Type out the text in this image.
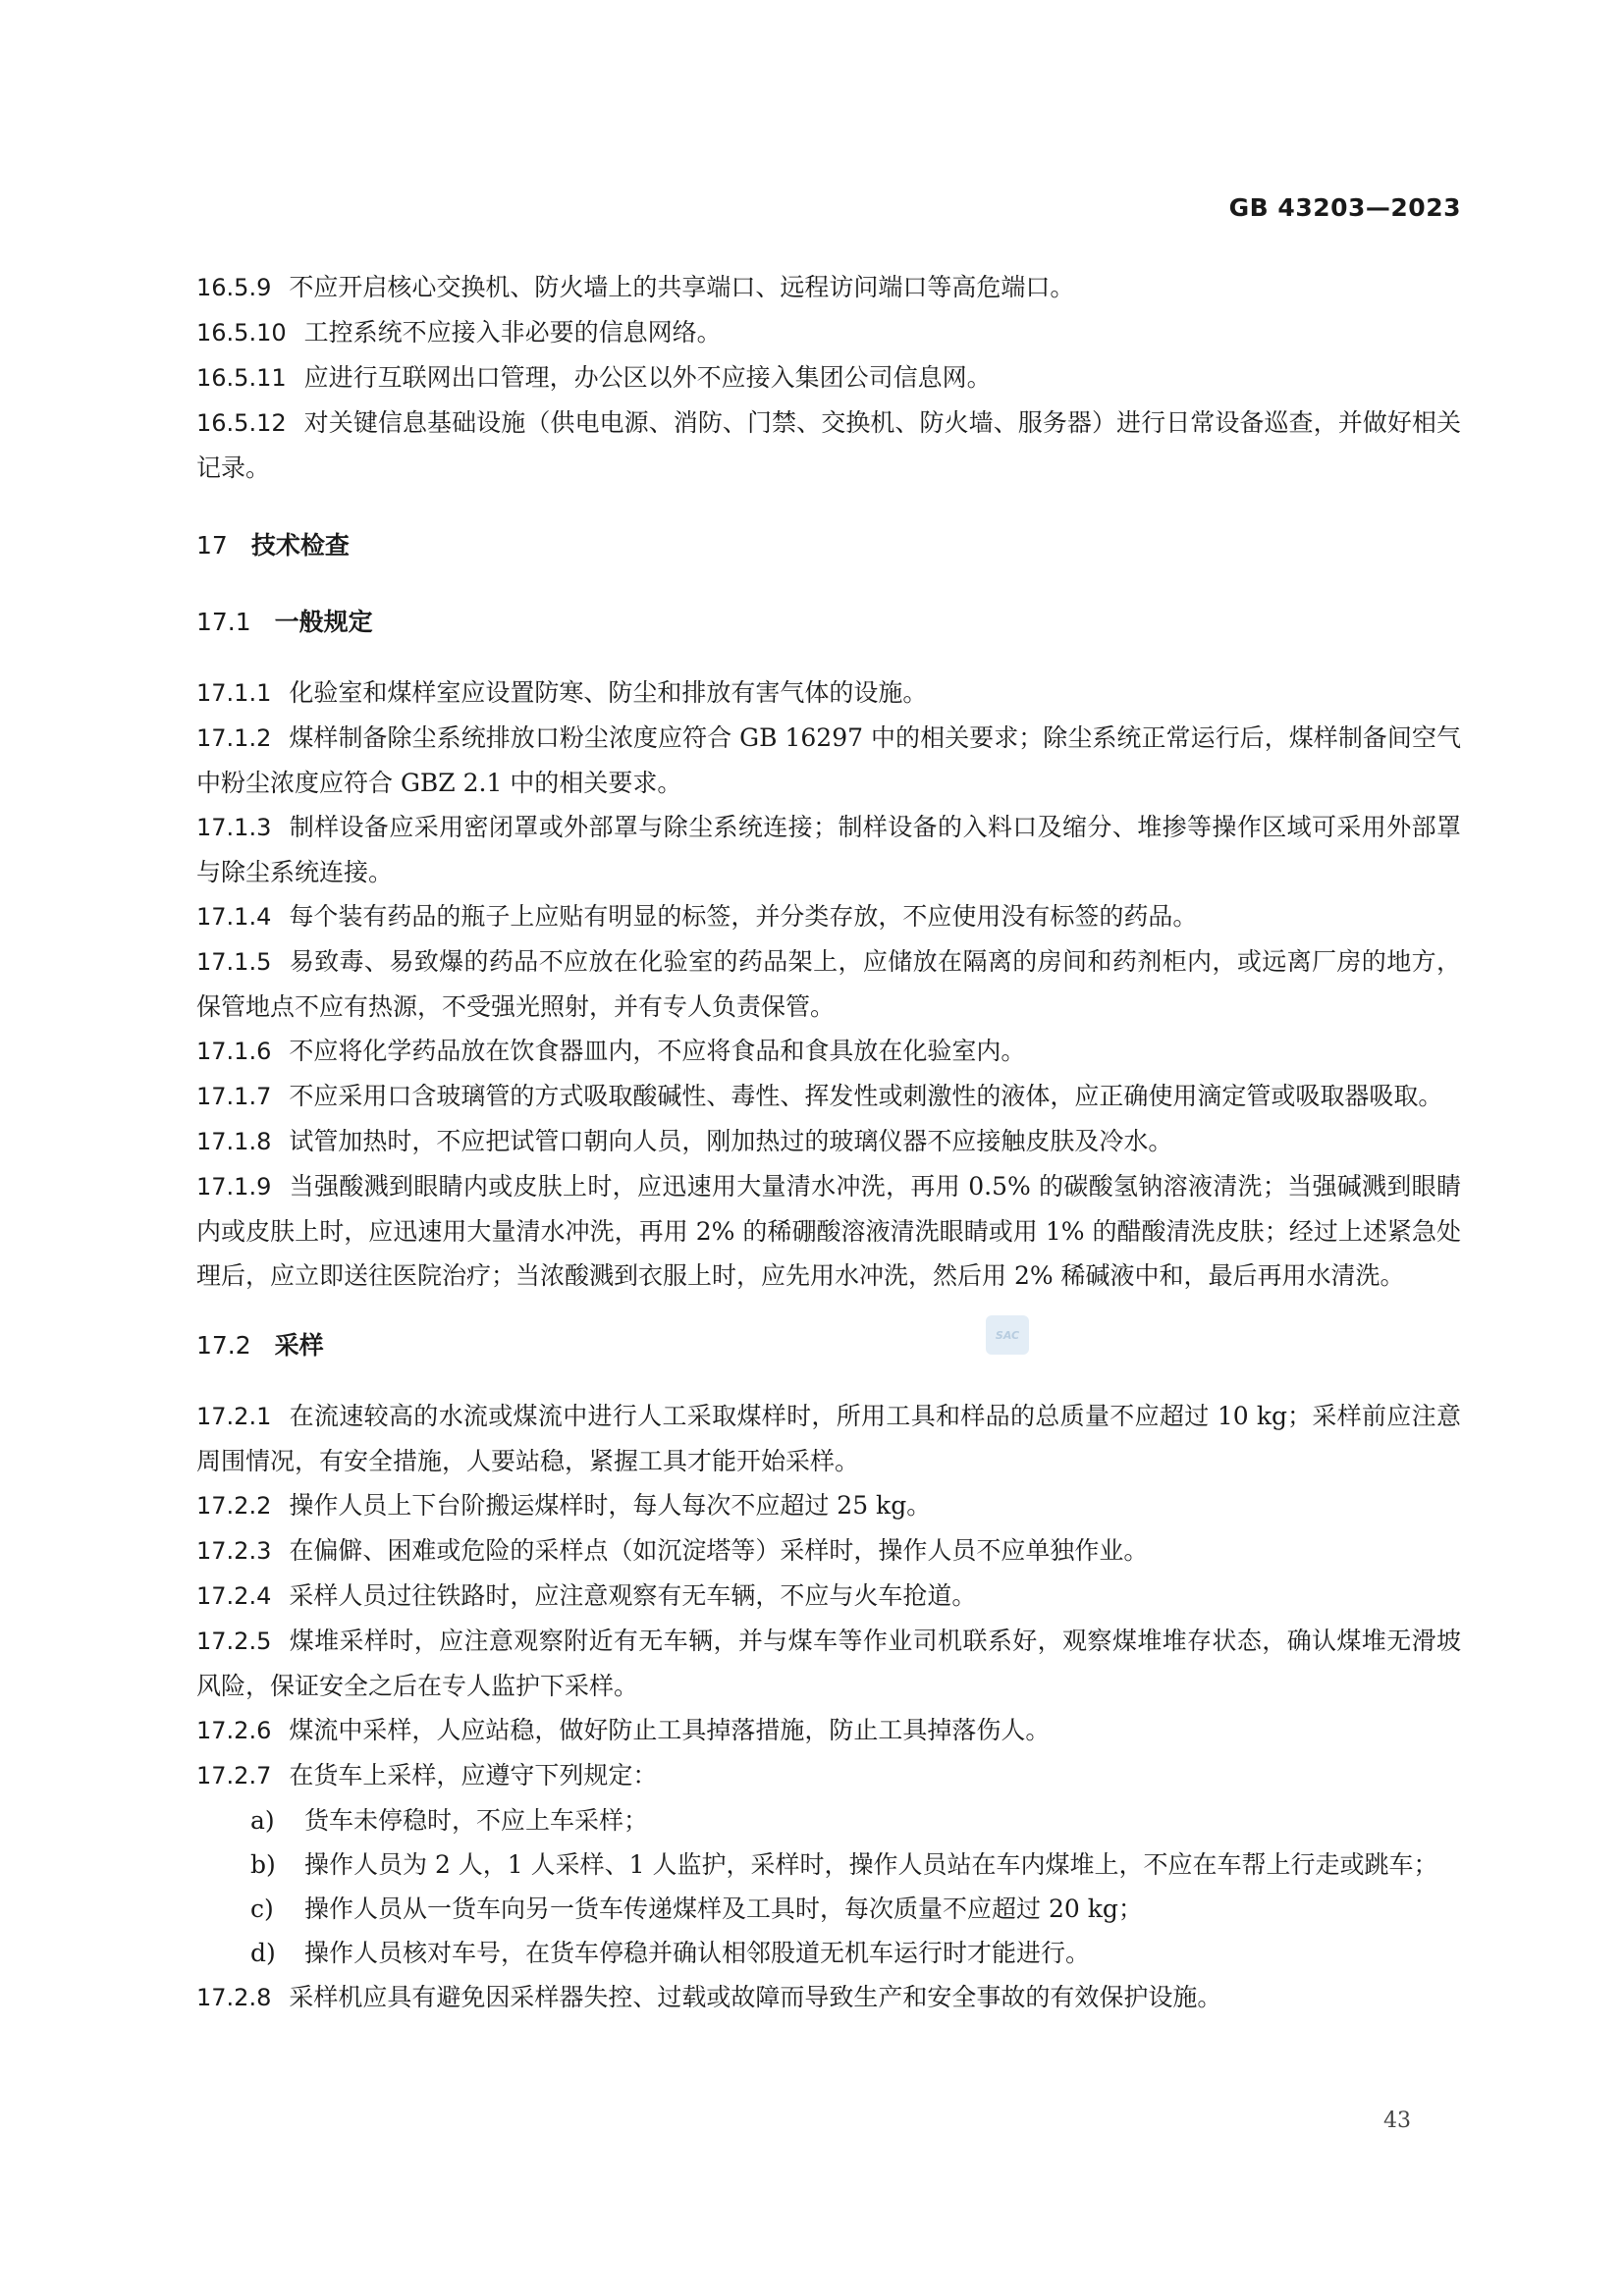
GB 43203—2023

16.5.9 不应开启核心交换机、防火墙上的共享端口、远程访问端口等高危端口。

16.5.10 工控系统不应接入非必要的信息网络。

16.5.11 应进行互联网出口管理，办公区以外不应接入集团公司信息网。

16.5.12 对关键信息基础设施（供电电源、消防、门禁、交换机、防火墙、服务器）进行日常设备巡查，并做好相关记录。

17 技术检查

17.1 一般规定

17.1.1 化验室和煤样室应设置防寒、防尘和排放有害气体的设施。

17.1.2 煤样制备除尘系统排放口粉尘浓度应符合 GB 16297 中的相关要求；除尘系统正常运行后，煤样制备间空气中粉尘浓度应符合 GBZ 2.1 中的相关要求。

17.1.3 制样设备应采用密闭罩或外部罩与除尘系统连接；制样设备的入料口及缩分、堆掺等操作区域可采用外部罩与除尘系统连接。

17.1.4 每个装有药品的瓶子上应贴有明显的标签，并分类存放，不应使用没有标签的药品。

17.1.5 易致毒、易致爆的药品不应放在化验室的药品架上，应储放在隔离的房间和药剂柜内，或远离厂房的地方，保管地点不应有热源，不受强光照射，并有专人负责保管。

17.1.6 不应将化学药品放在饮食器皿内，不应将食品和食具放在化验室内。

17.1.7 不应采用口含玻璃管的方式吸取酸碱性、毒性、挥发性或刺激性的液体，应正确使用滴定管或吸取器吸取。

17.1.8 试管加热时，不应把试管口朝向人员，刚加热过的玻璃仪器不应接触皮肤及冷水。

17.1.9 当强酸溅到眼睛内或皮肤上时，应迅速用大量清水冲洗，再用 0.5% 的碳酸氢钠溶液清洗；当强碱溅到眼睛内或皮肤上时，应迅速用大量清水冲洗，再用 2% 的稀硼酸溶液清洗眼睛或用 1% 的醋酸清洗皮肤；经过上述紧急处理后，应立即送往医院治疗；当浓酸溅到衣服上时，应先用水冲洗，然后用 2% 稀碱液中和，最后再用水清洗。

17.2 采样

17.2.1 在流速较高的水流或煤流中进行人工采取煤样时，所用工具和样品的总质量不应超过 10 kg；采样前应注意周围情况，有安全措施，人要站稳，紧握工具才能开始采样。

17.2.2 操作人员上下台阶搬运煤样时，每人每次不应超过 25 kg。

17.2.3 在偏僻、困难或危险的采样点（如沉淀塔等）采样时，操作人员不应单独作业。

17.2.4 采样人员过往铁路时，应注意观察有无车辆，不应与火车抢道。

17.2.5 煤堆采样时，应注意观察附近有无车辆，并与煤车等作业司机联系好，观察煤堆堆存状态，确认煤堆无滑坡风险，保证安全之后在专人监护下采样。

17.2.6 煤流中采样，人应站稳，做好防止工具掉落措施，防止工具掉落伤人。

17.2.7 在货车上采样，应遵守下列规定：

a) 货车未停稳时，不应上车采样；

b) 操作人员为 2 人，1 人采样、1 人监护，采样时，操作人员站在车内煤堆上，不应在车帮上行走或跳车；

c) 操作人员从一货车向另一货车传递煤样及工具时，每次质量不应超过 20 kg；

d) 操作人员核对车号，在货车停稳并确认相邻股道无机车运行时才能进行。

17.2.8 采样机应具有避免因采样器失控、过载或故障而导致生产和安全事故的有效保护设施。

SAC
43
